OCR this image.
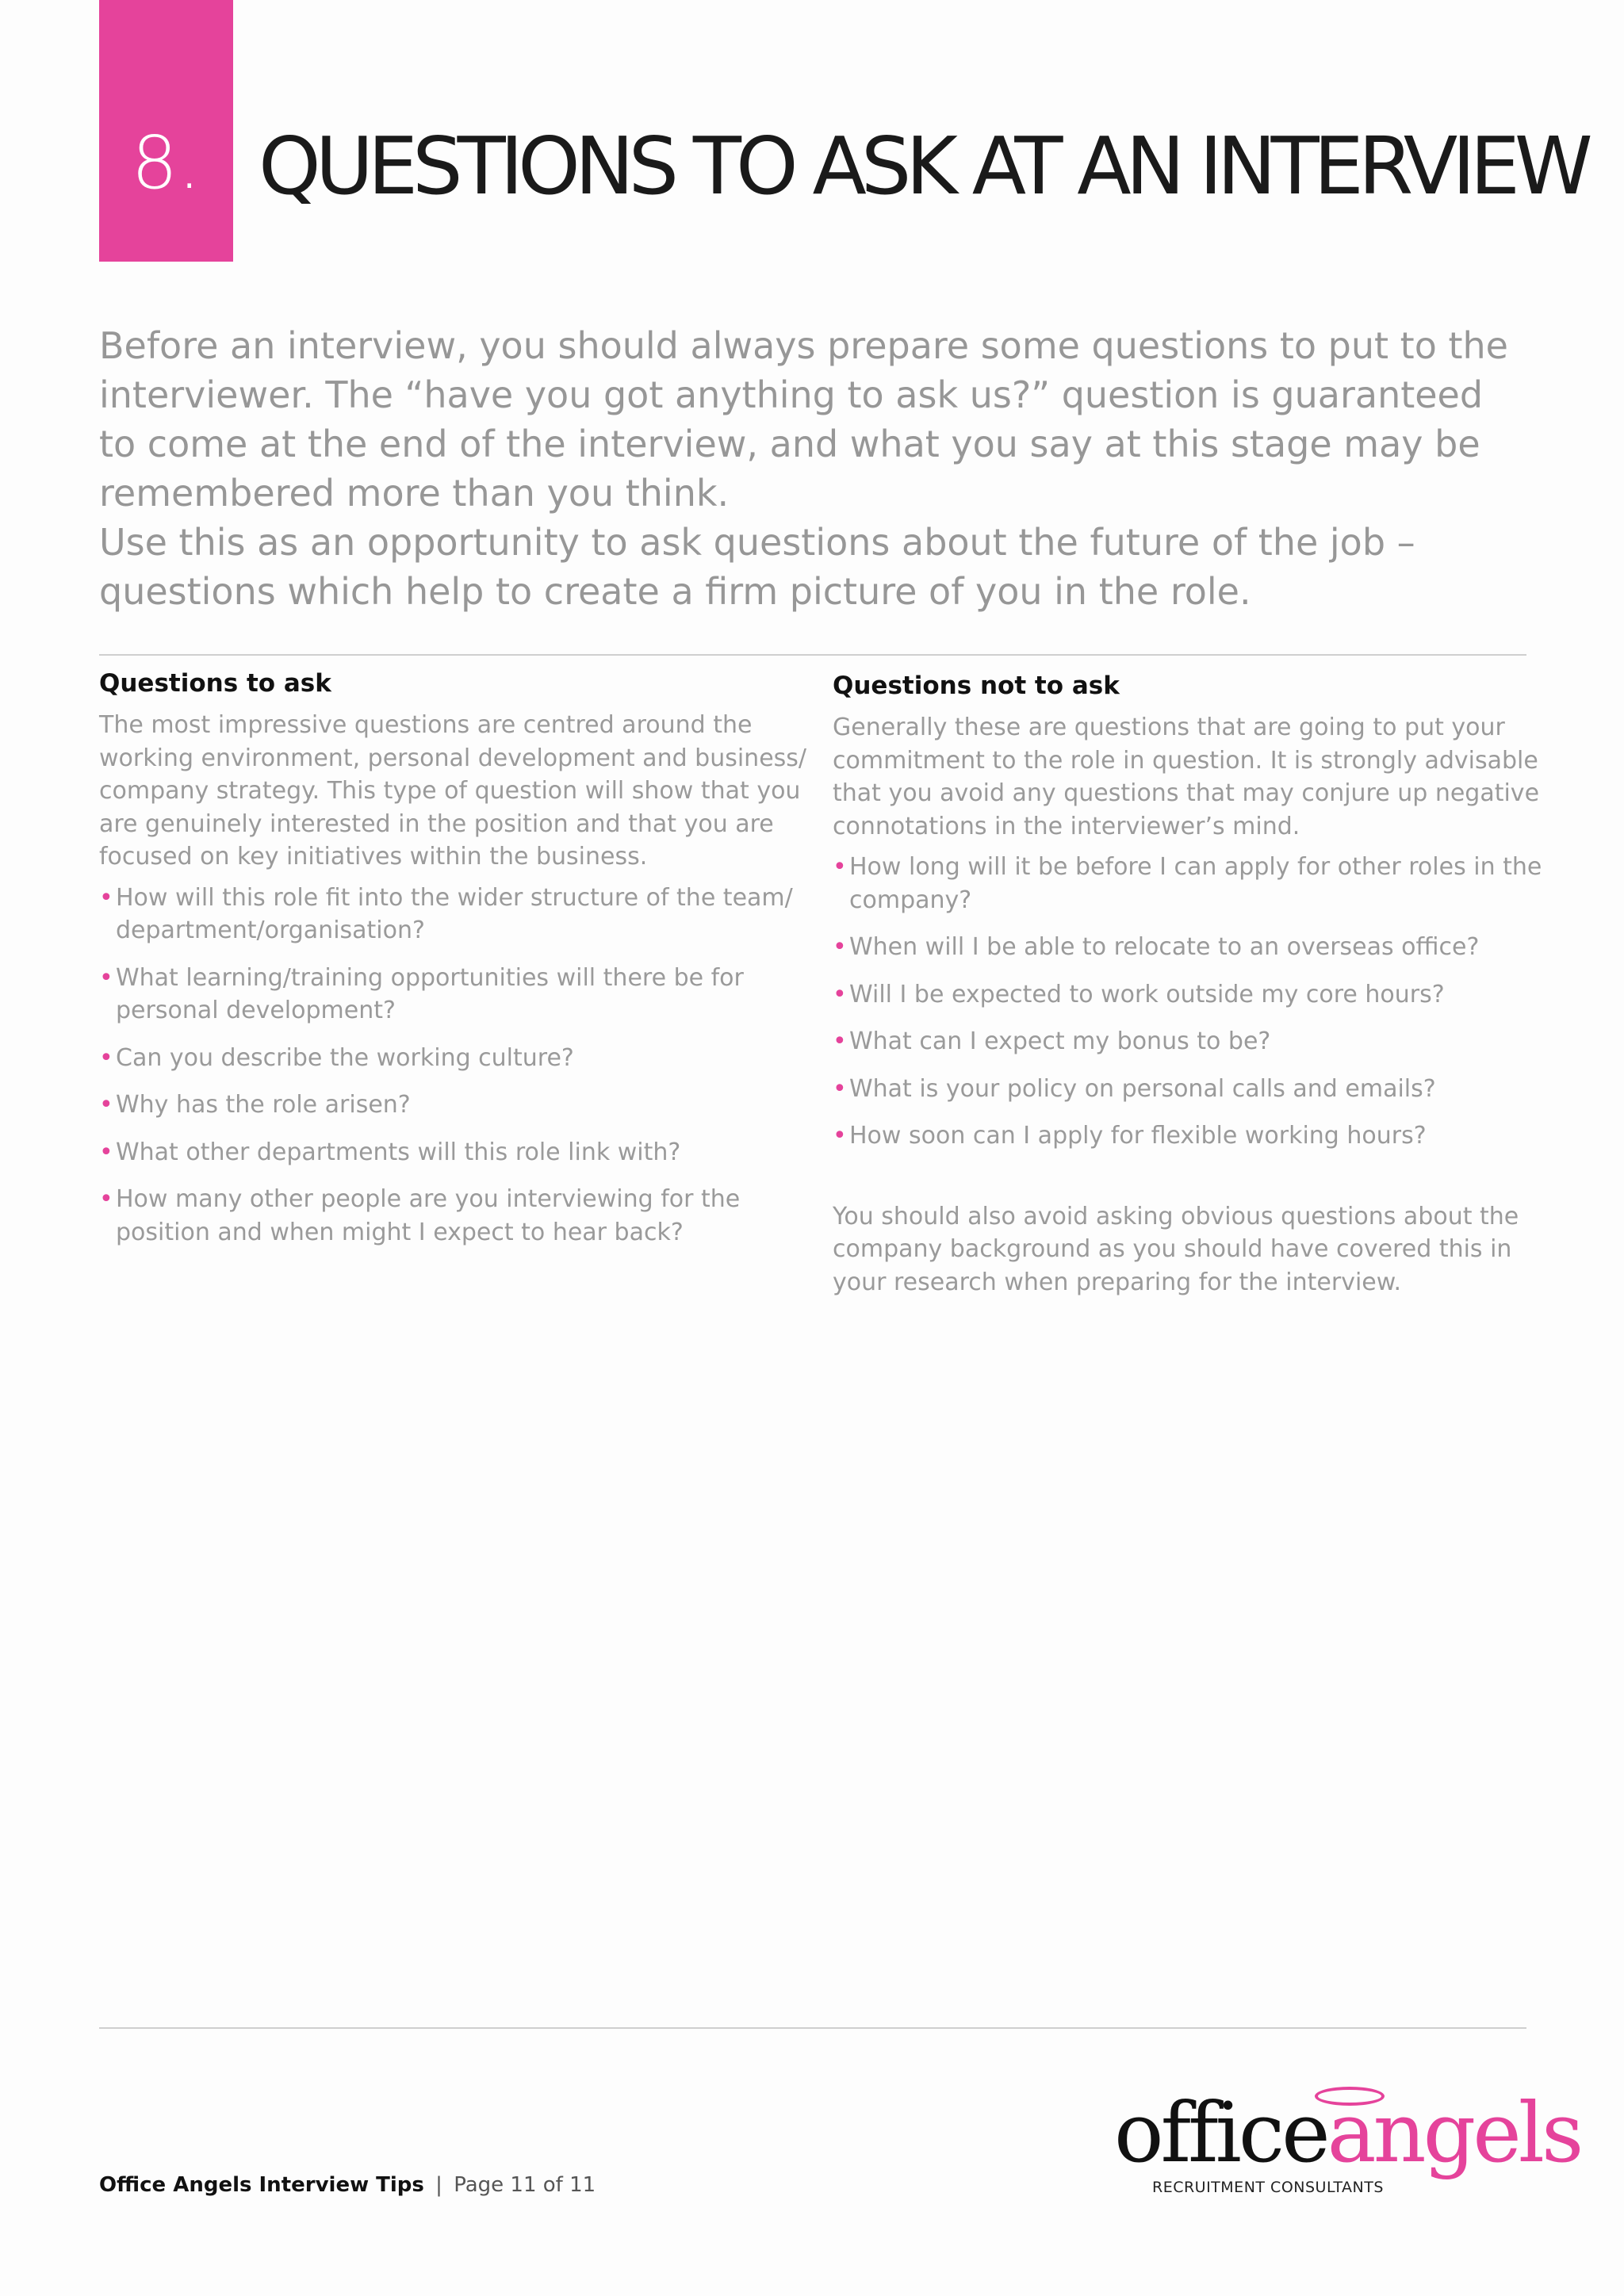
8. QUESTIONS TO ASK AT AN INTERVIEW

Before an interview, you should always prepare some questions to put to the

interviewer. The “have you got anything to ask us?” question is guaranteed

to come at the end of the interview, and what you say at this stage may be

remembered more than you think.

Use this as an opportunity to ask questions about the future of the job –

questions which help to create a firm picture of you in the role.

Questions to ask

The most impressive questions are centred around the

working environment, personal development and business/

company strategy. This type of question will show that you

are genuinely interested in the position and that you are

focused on key initiatives within the business.

• How will this role fit into the wider structure of the team/
department/organisation?
• What learning/training opportunities will there be for
personal development?
• Can you describe the working culture?
• Why has the role arisen?
• What other departments will this role link with?
• How many other people are you interviewing for the
position and when might I expect to hear back?
Questions not to ask

Generally these are questions that are going to put your

commitment to the role in question. It is strongly advisable

that you avoid any questions that may conjure up negative

connotations in the interviewer’s mind.

• How long will it be before I can apply for other roles in the
company?
• When will I be able to relocate to an overseas office?
• Will I be expected to work outside my core hours?
• What can I expect my bonus to be?
• What is your policy on personal calls and emails?
• How soon can I apply for flexible working hours?

You should also avoid asking obvious questions about the

company background as you should have covered this in

your research when preparing for the interview.

Office Angels Interview Tips | Page 11 of 11
officeangels
RECRUITMENT CONSULTANTS
